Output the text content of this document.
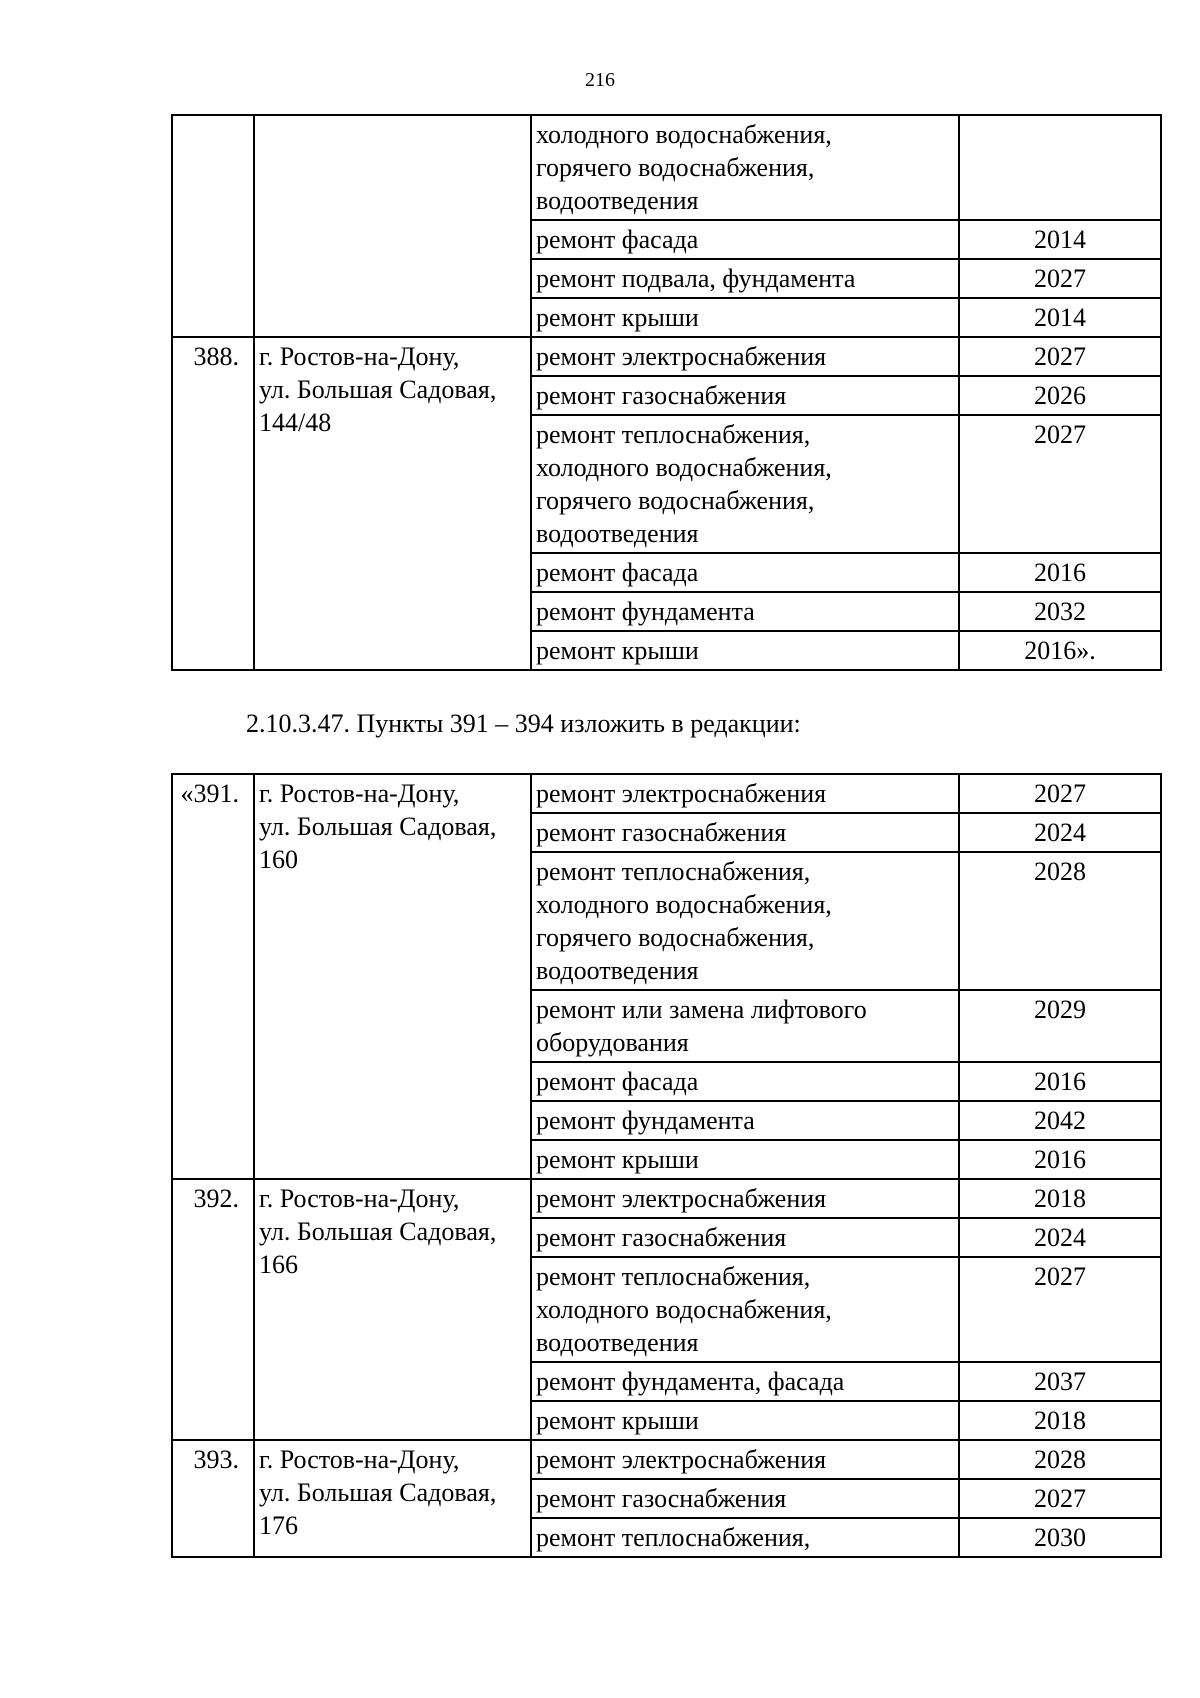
216

		холодного водоснабжения,
горячего водоснабжения,
водоотведения	

		ремонт фасада	2014

		ремонт подвала, фундамента	2027

		ремонт крыши	2014
388.	г. Ростов-на-Дону,
ул. Большая Садовая,
144/48	ремонт электроснабжения	2027

		ремонт газоснабжения	2026

		ремонт теплоснабжения,
холодного водоснабжения,
горячего водоснабжения,
водоотведения	2027

		ремонт фасада	2016

		ремонт фундамента	2032

		ремонт крыши	2016».
2.10.3.47. Пункты 391 – 394 изложить в редакции:
«391.	г. Ростов-на-Дону,
ул. Большая Садовая,
160	ремонт электроснабжения	2027

		ремонт газоснабжения	2024

		ремонт теплоснабжения,
холодного водоснабжения,
горячего водоснабжения,
водоотведения	2028

		ремонт или замена лифтового
оборудования	2029

		ремонт фасада	2016

		ремонт фундамента	2042

		ремонт крыши	2016
392.	г. Ростов-на-Дону,
ул. Большая Садовая,
166	ремонт электроснабжения	2018

		ремонт газоснабжения	2024

		ремонт теплоснабжения,
холодного водоснабжения,
водоотведения	2027

		ремонт фундамента, фасада	2037

		ремонт крыши	2018
393.	г. Ростов-на-Дону,
ул. Большая Садовая,
176	ремонт электроснабжения	2028

		ремонт газоснабжения	2027

		ремонт теплоснабжения,	2030
